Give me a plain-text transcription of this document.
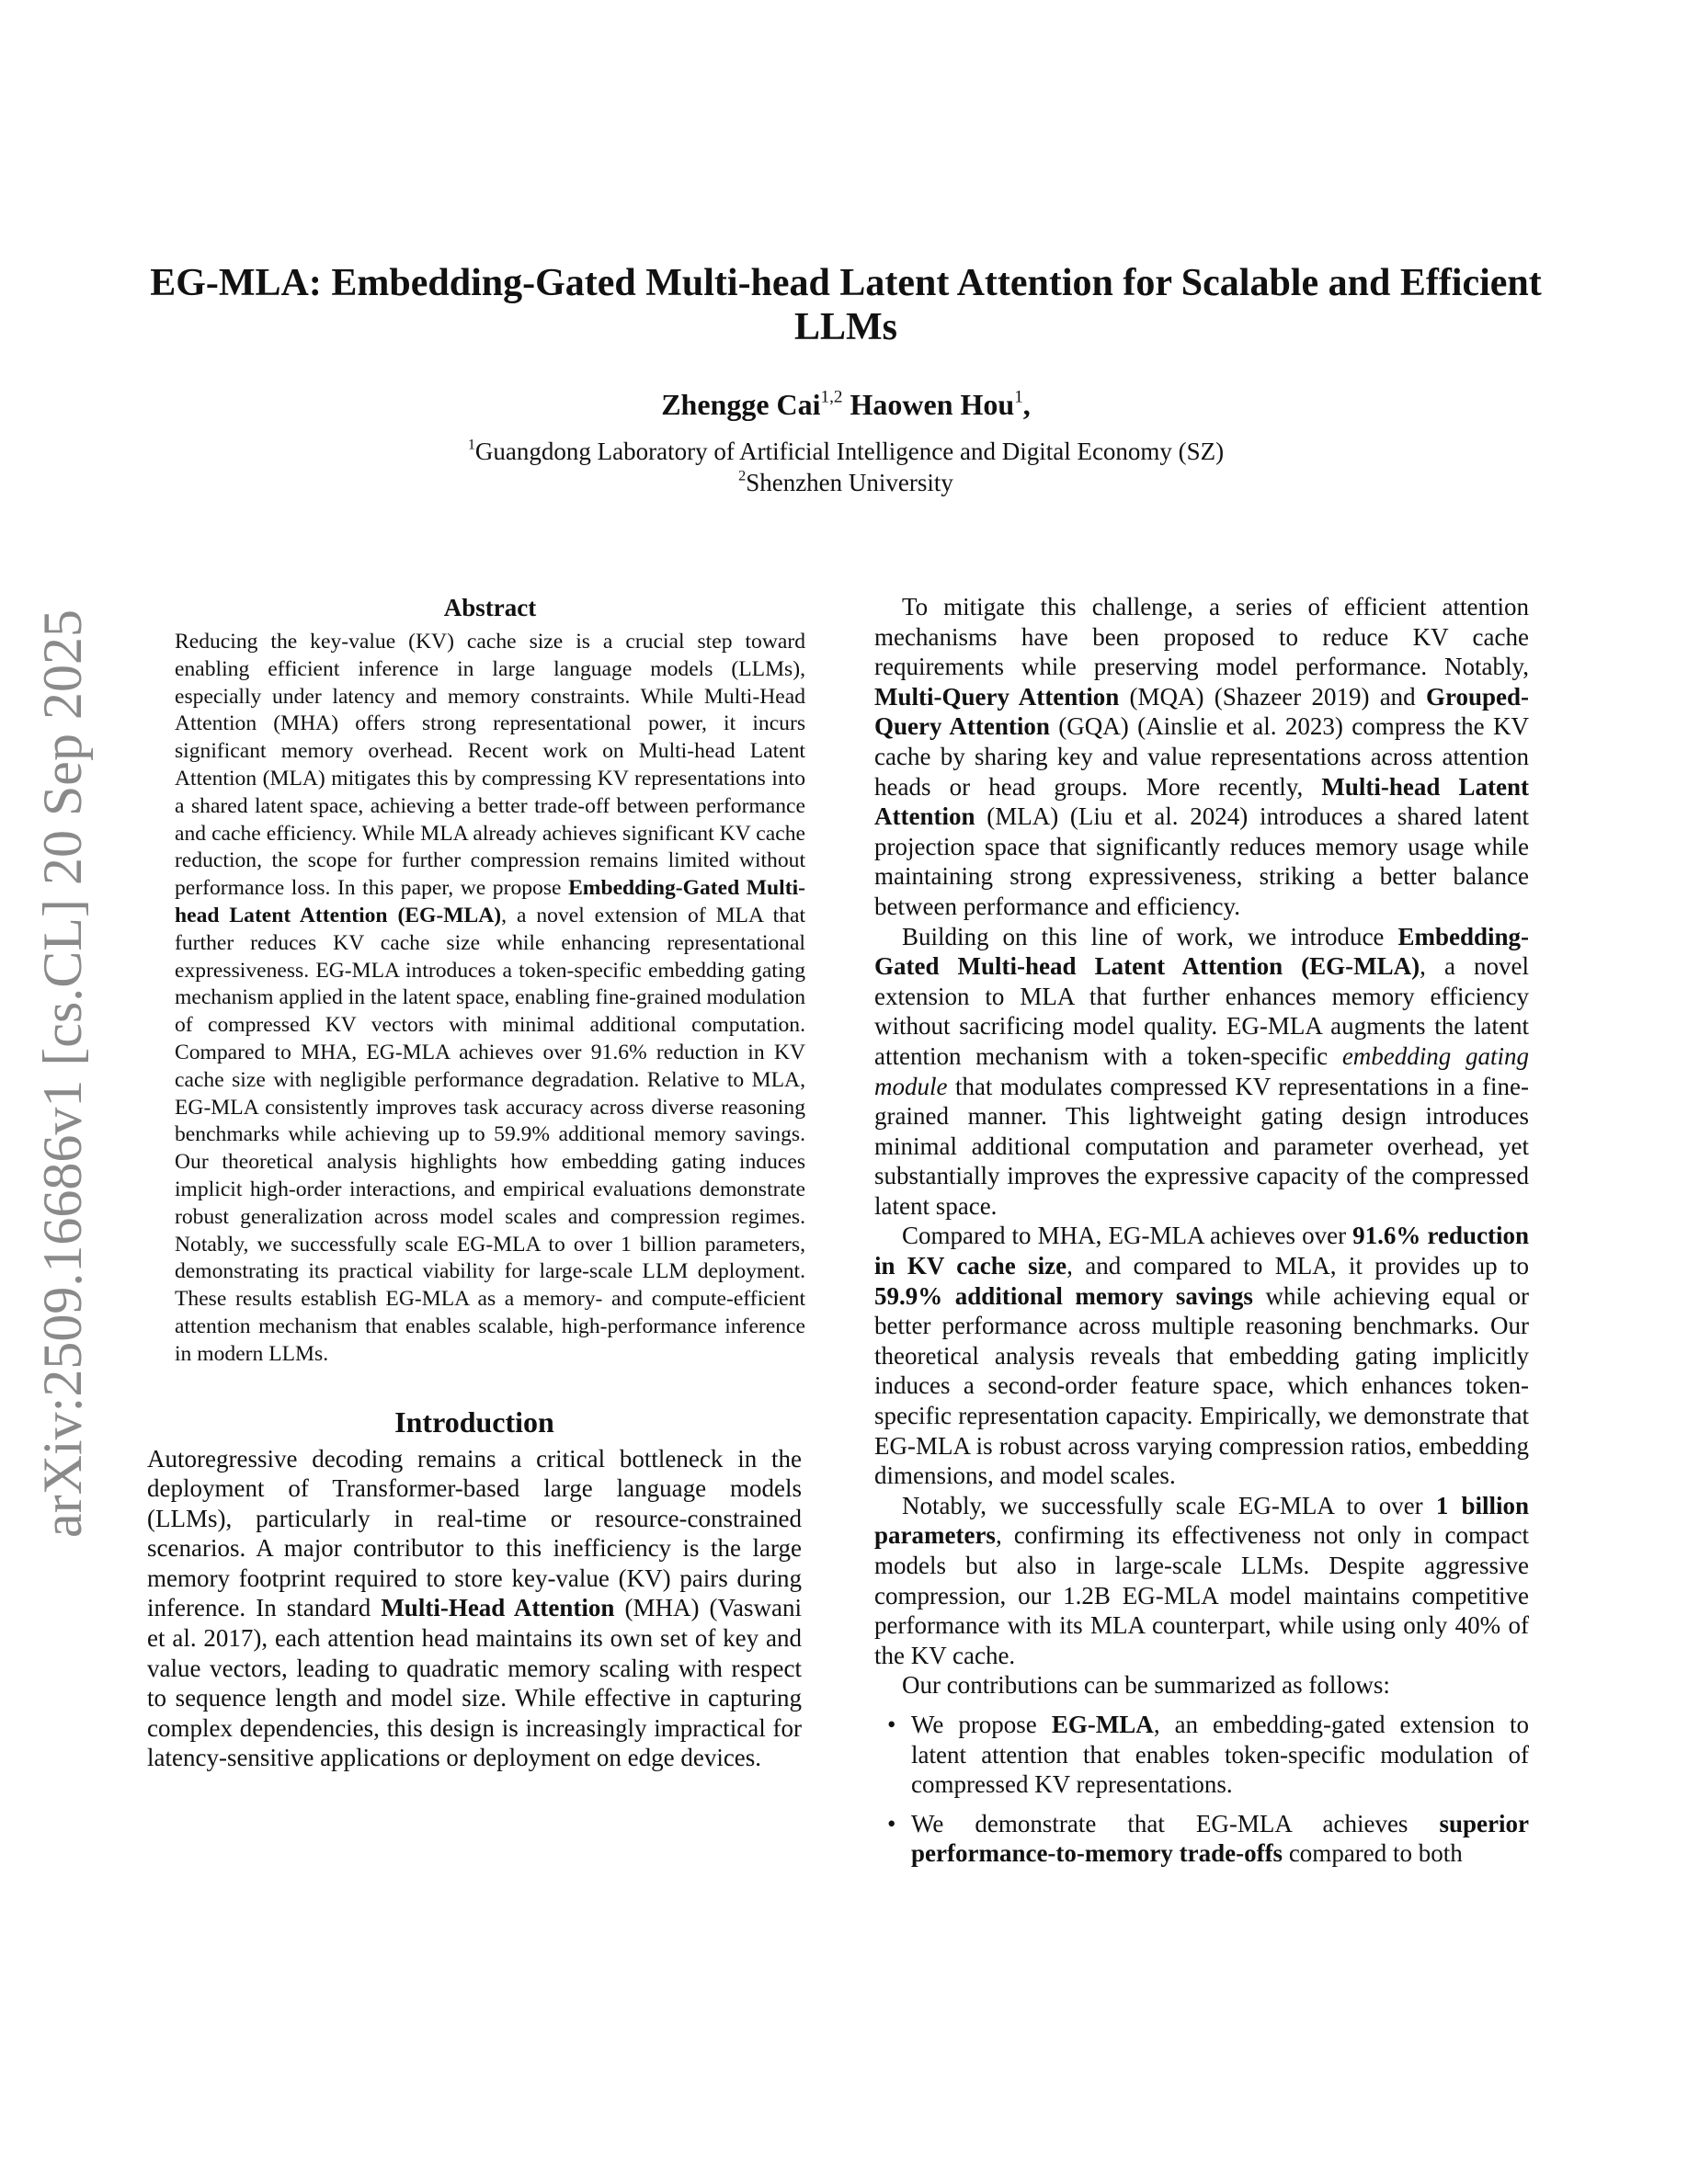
arXiv:2509.16686v1 [cs.CL] 20 Sep 2025
EG-MLA: Embedding-Gated Multi-head Latent Attention for Scalable and Efficient LLMs
Zhengge Cai$^{1,2}$ Haowen Hou$^1$,
$^1$Guangdong Laboratory of Artificial Intelligence and Digital Economy (SZ)
$^2$Shenzhen University
Abstract

Reducing the key-value (KV) cache size is a crucial step toward enabling efficient inference in large language models (LLMs), especially under latency and memory constraints. While Multi-Head Attention (MHA) offers strong representational power, it incurs significant memory overhead. Recent work on Multi-head Latent Attention (MLA) mitigates this by compressing KV representations into a shared latent space, achieving a better trade-off between performance and cache efficiency. While MLA already achieves significant KV cache reduction, the scope for further compression remains limited without performance loss. In this paper, we propose Embedding-Gated Multi-head Latent Attention (EG-MLA), a novel extension of MLA that further reduces KV cache size while enhancing representational expressiveness. EG-MLA introduces a token-specific embedding gating mechanism applied in the latent space, enabling fine-grained modulation of compressed KV vectors with minimal additional computation. Compared to MHA, EG-MLA achieves over 91.6% reduction in KV cache size with negligible performance degradation. Relative to MLA, EG-MLA consistently improves task accuracy across diverse reasoning benchmarks while achieving up to 59.9% additional memory savings. Our theoretical analysis highlights how embedding gating induces implicit high-order interactions, and empirical evaluations demonstrate robust generalization across model scales and compression regimes. Notably, we successfully scale EG-MLA to over 1 billion parameters, demonstrating its practical viability for large-scale LLM deployment. These results establish EG-MLA as a memory- and compute-efficient attention mechanism that enables scalable, high-performance inference in modern LLMs.

Introduction

Autoregressive decoding remains a critical bottleneck in the deployment of Transformer-based large language models (LLMs), particularly in real-time or resource-constrained scenarios. A major contributor to this inefficiency is the large memory footprint required to store key-value (KV) pairs during inference. In standard Multi-Head Attention (MHA) (Vaswani et al. 2017), each attention head maintains its own set of key and value vectors, leading to quadratic memory scaling with respect to sequence length and model size. While effective in capturing complex dependencies, this design is increasingly impractical for latency-sensitive applications or deployment on edge devices.

To mitigate this challenge, a series of efficient attention mechanisms have been proposed to reduce KV cache requirements while preserving model performance. Notably, Multi-Query Attention (MQA) (Shazeer 2019) and Grouped-Query Attention (GQA) (Ainslie et al. 2023) compress the KV cache by sharing key and value representations across attention heads or head groups. More recently, Multi-head Latent Attention (MLA) (Liu et al. 2024) introduces a shared latent projection space that significantly reduces memory usage while maintaining strong expressiveness, striking a better balance between performance and efficiency.

Building on this line of work, we introduce Embedding-Gated Multi-head Latent Attention (EG-MLA), a novel extension to MLA that further enhances memory efficiency without sacrificing model quality. EG-MLA augments the latent attention mechanism with a token-specific embedding gating module that modulates compressed KV representations in a fine-grained manner. This lightweight gating design introduces minimal additional computation and parameter overhead, yet substantially improves the expressive capacity of the compressed latent space.

Compared to MHA, EG-MLA achieves over 91.6% reduction in KV cache size, and compared to MLA, it provides up to 59.9% additional memory savings while achieving equal or better performance across multiple reasoning benchmarks. Our theoretical analysis reveals that embedding gating implicitly induces a second-order feature space, which enhances token-specific representation capacity. Empirically, we demonstrate that EG-MLA is robust across varying compression ratios, embedding dimensions, and model scales.

Notably, we successfully scale EG-MLA to over 1 billion parameters, confirming its effectiveness not only in compact models but also in large-scale LLMs. Despite aggressive compression, our 1.2B EG-MLA model maintains competitive performance with its MLA counterpart, while using only 40% of the KV cache.

Our contributions can be summarized as follows:

• We propose EG-MLA, an embedding-gated extension to latent attention that enables token-specific modulation of compressed KV representations.
• We demonstrate that EG-MLA achieves superior performance-to-memory trade-offs compared to both
